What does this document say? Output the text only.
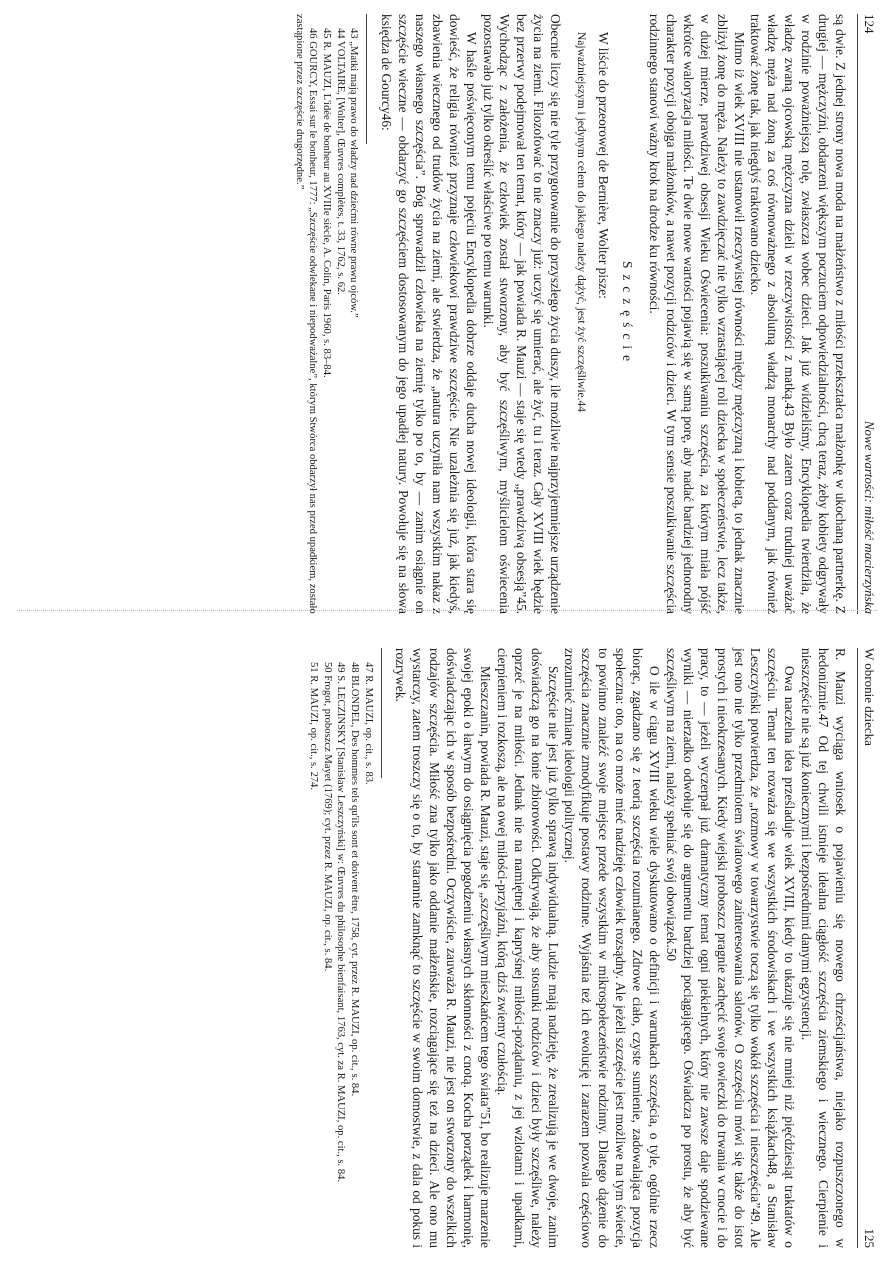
124
Nowe wartości: miłość macierzyńska

są dwie. Z jednej strony nowa moda na małżeństwo z miłości przekształca małżonkę w ukochaną partnerkę. Z drugiej — mężczyźni, obdarzeni większym poczuciem odpowiedzialności, chcą teraz, żeby kobiety odgrywały w rodzinie poważniejszą rolę, zwłaszcza wobec dzieci. Jak już widzieliśmy, Encyklopedia twierdziła, że władzę zwaną ojcowską mężczyzna dzieli w rzeczywistości z matką.43 Było zatem coraz trudniej uważać władzę męża nad żoną za coś równoważnego z absolutną władzą monarchy nad poddanym, jak również traktować żonę tak, jak niegdyś traktowano dziecko.

Mimo iż wiek XVIII nie ustanowił rzeczywistej równości między mężczyzną i kobietą, to jednak znacznie zbliżył żonę do męża. Należy to zawdzięczać nie tylko wzrastającej roli dziecka w społeczeństwie, lecz także, w dużej mierze, prawdziwej obsesji Wieku Oświecenia: poszukiwaniu szczęścia, za którym miała pójść wkrótce waloryzacja miłości. Te dwie nowe wartości pojawią się w samą porę, aby nadać bardziej jednorodny charakter pozycji obojga małżonków, a nawet pozycji rodziców i dzieci. W tym sensie poszukiwanie szczęścia rodzinnego stanowi ważny krok na drodze ku równości.

Szczęście

W liście do przeorowej de Bernière, Wolter pisze:

Najważniejszym i jedynym celem do jakiego należy dążyć, jest żyć szczęśliwie.44

Obecnie liczy się nie tyle przygotowanie do przyszłego życia duszy, ile możliwie najprzyjemniejsze urządzenie życia na ziemi. Filozofować to nie znaczy już: uczyć się umierać, ale żyć, tu i teraz. Cały XVIII wiek będzie bez przerwy podejmował ten temat, który — jak powiada R. Mauzi — staje się wtedy „prawdziwą obsesją”45. Wychodząc z założenia, że człowiek został stworzony, aby być szczęśliwym, myślicielom oświecenia pozostawało już tylko określić właściwe po temu warunki.

W haśle poświęconym temu pojęciu Encyklopedia dobrze oddaje ducha nowej ideologii, która stara się dowieść, że religia również przyznaje człowiekowi prawdziwe szczęście. Nie uzależnia się już, jak kiedyś, zbawienia wiecznego od trudów życia na ziemi, ale stwierdza, że „natura uczyniła nam wszystkim nakaz z naszego własnego szczęścia”. Bóg sprowadził człowieka na ziemię tylko po to, by — zanim osiągnie on szczęście wieczne — obdarzyć go szczęściem dostosowanym do jego upadłej natury. Powołuje się na słowa księdza de Gourcy46:

43 „Matki mają prawo do władzy nad dziećmi równe prawu ojców.”

44 VOLTAIRE, [Wolter], Œuvres complètes, t. 33, 1762, s. 62.

45 R. MAUZI, L'idée de bonheur au XVIIIe siècle, A. Colin, Paris 1960, s. 83–84.

46 GOURCY, Essai sur le bonheur, 1777: „Szczęście odwlekane i niepodważalne”, którym Stwórca obdarzył nas przed upadkiem, zostało zastąpione przez szczęście drugorzędne.”

W obronie dziecka
125

R. Mauzi wyciąga wniosek o pojawieniu się nowego chrześcijaństwa, niejako rozpuszczonego w hedonizmie.47 Od tej chwili istnieje idealna ciągłość szczęścia ziemskiego i wiecznego. Cierpienie i nieszczęście nie są już koniecznymi i bezpośrednimi danymi egzystencji.

Owa naczelna idea prześladuje wiek XVIII, kiedy to ukazuje się nie mniej niż pięćdziesiąt traktatów o szczęściu. Temat ten rozważa się we wszystkich środowiskach i we wszystkich książkach48, a Stanisław Leszczyński potwierdza, że „rozmowy w towarzystwie toczą się tylko wokół szczęścia i nieszczęścia”49. Ale jest ono nie tylko przedmiotem światowego zainteresowania salonów. O szczęściu mówi się także do istot prostych i nieokrzesanych. Kiedy wiejski proboszcz pragnie zachęcić swoje owieczki do trwania w cnocie i do pracy, to — jeżeli wyczerpał już dramatyczny temat ogni piekielnych, który nie zawsze daje spodziewane wyniki — nierzadko odwołuje się do argumentu bardziej pociągającego. Oświadcza po prostu, że aby być szczęśliwym na ziemi, należy spełniać swój obowiązek.50

O ile w ciągu XVIII wieku wiele dyskutowano o definicji i warunkach szczęścia, o tyle, ogólnie rzecz biorąc, zgadzano się z teorią szczęścia rozumianego. Zdrowe ciało, czyste sumienie, zadowalająca pozycja społeczna: oto, na co może mieć nadzieję człowiek rozsądny. Ale jeżeli szczęście jest możliwe na tym świecie, to powinno znaleźć swoje miejsce przede wszystkim w mikrospołeczeństwie rodzinny. Dlatego dążenie do szczęścia znacznie zmodyfikuje postawy rodzinne. Wyjaśnia też ich ewolucję i zarazem pozwala częściowo zrozumieć zmianę ideologii politycznej.

Szczęście nie jest już tylko sprawą indywidualną. Ludzie mają nadzieję, że zrealizują je we dwoje, zanim doświadczą go na łonie zbiorowości. Odkrywają, że aby stosunki rodziców i dzieci były szczęśliwe, należy oprzeć je na miłości. Jednak nie na namiętnej i kapryśnej miłości-pożądaniu, z jej wzlotami i upadkami, cierpieniem i rozkoszą, ale na owej miłości-przyjaźni, którą dziś zwiemy czułością.

Mieszczanin, powiada R. Mauzi, staje się „szczęśliwym mieszkańcem tego świata”51, bo realizuje marzenie swojej epoki o łatwym do osiągnięcia pogodzeniu własnych skłonności z cnotą. Kocha porządek i harmonię, doświadczając ich w sposób bezpośredni. Oczywiście, zauważa R. Mauzi, nie jest on stworzony do wszelkich rodzajów szczęścia. Miłość zna tylko jako oddanie małżeńskie, rozciągające się też na dzieci. Ale ono mu wystarczy, zatem troszczy się o to, by starannie zamknąć to szczęście w swoim domostwie, z dala od pokus i rozrywek.

47 R. MAUZI, op. cit., s. 83.

48 BLONDEL, Des hommes tels qu'ils sont et doivent être, 1758, cyt. przez R. MAUZI, op. cit., s. 84.

49 S. LECZINSKY [Stanisław Leszczyński] w: Œuvres du philosophe bienfaisant, 1763, cyt. za R. MAUZI, op. cit., s. 84.

50 Frogot, proboszcz Mayet (1769); cyt. przez R. MAUZI, op. cit., s. 84.

51 R. MAUZI, op. cit., s. 274.
